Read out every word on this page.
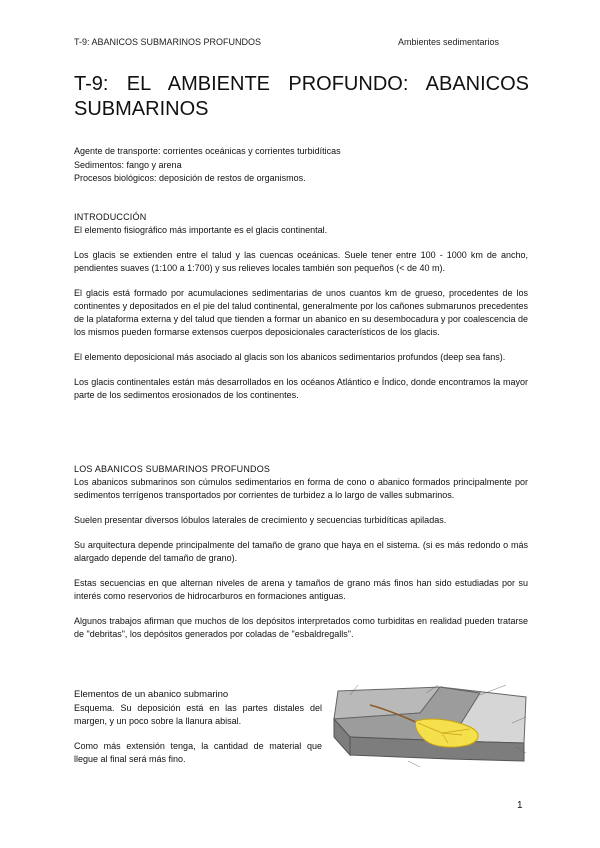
T-9: ABANICOS SUBMARINOS PROFUNDOS	Ambientes sedimentarios
T-9: EL AMBIENTE PROFUNDO: ABANICOS
SUBMARINOS
Agente de transporte: corrientes oceánicas y corrientes turbidíticas
Sedimentos: fango y arena
Procesos biológicos: deposición de restos de organismos.
INTRODUCCIÓN

El elemento fisiográfico más importante es el glacis continental.

Los glacis se extienden entre el talud y las cuencas oceánicas. Suele tener entre 100 - 1000 km de ancho, pendientes suaves (1:100 a 1:700) y sus relieves locales también son pequeños (< de 40 m).

El glacis está formado por acumulaciones sedimentarias de unos cuantos km de grueso, procedentes de los continentes y depositados en el pie del talud continental, generalmente por los cañones submarunos precedentes de la plataforma externa y del talud que tienden a formar un abanico en su desembocadura y por coalescencia de los mismos pueden formarse extensos cuerpos deposicionales característicos de los glacis.

El elemento deposicional más asociado al glacis son los abanicos sedimentarios profundos (deep sea fans).

Los glacis continentales están más desarrollados en los océanos Atlántico e Índico, donde encontramos la mayor parte de los sedimentos erosionados de los continentes.

LOS ABANICOS SUBMARINOS PROFUNDOS

Los abanicos submarinos son cúmulos sedimentarios en forma de cono o abanico formados principalmente por sedimentos terrígenos transportados por corrientes de turbidez a lo largo de valles submarinos.

Suelen presentar diversos lóbulos laterales de crecimiento y secuencias turbidíticas apiladas.

Su arquitectura depende principalmente del tamaño de grano que haya en el sistema. (si es más redondo o más alargado depende del tamaño de grano).

Estas secuencias en que alternan niveles de arena y tamaños de grano más finos han sido estudiadas por su interés como reservorios de hidrocarburos en formaciones antiguas.

Algunos trabajos afirman que muchos de los depósitos interpretados como turbiditas en realidad pueden tratarse de "debritas", los depósitos generados por coladas de "esbaldregalls".

Elementos de un abanico submarino

Esquema. Su deposición está en las partes distales del margen, y un poco sobre la llanura abisal.

Como más extensión tenga, la cantidad de material que llegue al final será más fino.

1
